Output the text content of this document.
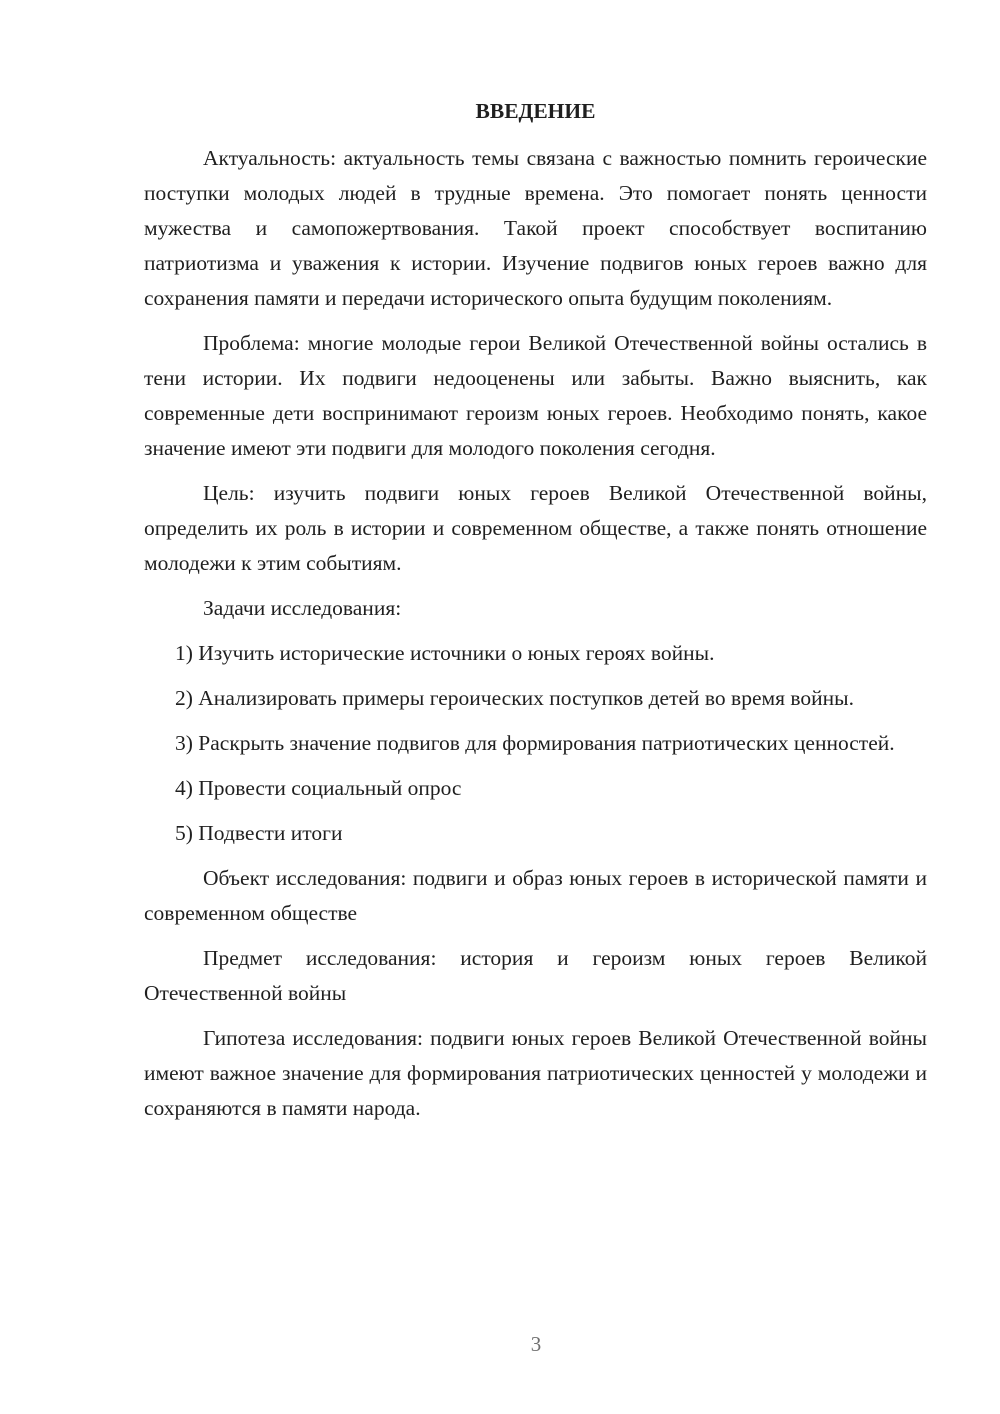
ВВЕДЕНИЕ

Актуальность: актуальность темы связана с важностью помнить героические поступки молодых людей в трудные времена. Это помогает понять ценности мужества и самопожертвования. Такой проект способствует воспитанию патриотизма и уважения к истории. Изучение подвигов юных героев важно для сохранения памяти и передачи исторического опыта будущим поколениям.

Проблема: многие молодые герои Великой Отечественной войны остались в тени истории. Их подвиги недооценены или забыты. Важно выяснить, как современные дети воспринимают героизм юных героев. Необходимо понять, какое значение имеют эти подвиги для молодого поколения сегодня.

Цель: изучить подвиги юных героев Великой Отечественной войны, определить их роль в истории и современном обществе, а также понять отношение молодежи к этим событиям.

Задачи исследования:

1) Изучить исторические источники о юных героях войны.

2) Анализировать примеры героических поступков детей во время войны.

3) Раскрыть значение подвигов для формирования патриотических ценностей.

4) Провести социальный опрос

5) Подвести итоги

Объект исследования: подвиги и образ юных героев в исторической памяти и современном обществе

Предмет исследования: история и героизм юных героев Великой Отечественной войны

Гипотеза исследования: подвиги юных героев Великой Отечественной войны имеют важное значение для формирования патриотических ценностей у молодежи и сохраняются в памяти народа.

3
